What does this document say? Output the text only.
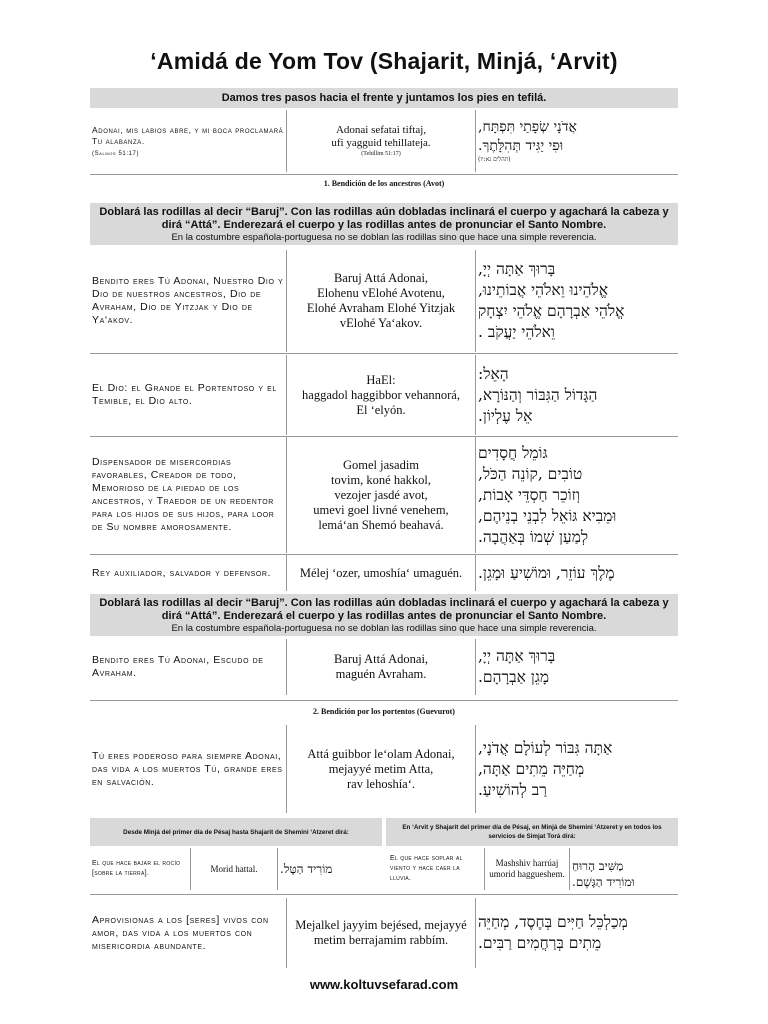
‘Amidá de Yom Tov (Shajarit, Minjá, ‘Arvit)
Damos tres pasos hacia el frente y juntamos los pies en tefilá.
Adonai, mis labios abre, y mi boca proclamará Tu alabanza.
(Salmos 51:17)
Adonai sefatai tiftaj,
ufi yagguid tehillateja.
(Tehillim 51:17)
אֲדֹנָי שְׂפָתַי תִּפְתָּח,
וּפִי יַגִּיד תְּהִלָּתֶךָ.
(תהלים נא:יז)
1. Bendición de los ancestros (Avot)
Doblará las rodillas al decir “Baruj”. Con las rodillas aún dobladas inclinará el cuerpo y agachará la cabeza y dirá “Attá”. Enderezará el cuerpo y las rodillas antes de pronunciar el Santo Nombre.
En la costumbre española-portuguesa no se doblan las rodillas sino que hace una simple reverencia.
Bendito eres Tú Adonai, Nuestro Dio y Dio de nuestros ancestros, Dio de Avraham, Dio de Yitzjak y Dio de Ya‘akov.
Baruj Attá Adonai,
Elohenu vElohé Avotenu,
Elohé Avraham Elohé Yitzjak
vElohé Ya‘akov.
בָּרוּךְ אַתָּה יְיָ,
אֱלֹהֵינוּ וֵאלֹהֵי אֲבוֹתֵינוּ,
אֱלֹהֵי אַבְרָהָם אֱלֹהֵי יִצְחָק
וֵאלֹהֵי יַעֲקֹב .
El Dio: el Grande el Portentoso y el Temible, el Dio alto.
HaEl:
haggadol haggibbor vehannorá,
El ‘elyón.
הָאֵל:
הַגָּדוֹל הַגִּבּוֹר וְהַנּוֹרָא,
אֵל עֶלְיוֹן.
Dispensador de misercordias favorables, Creador de todo, Memorioso de la piedad de los ancestros, y Traedor de un redentor para los hijos de sus hijos, para loor de Su nombre amorosamente.
Gomel jasadim
tovim, koné hakkol,
vezojer jasdé avot,
umevi goel livné venehem,
lemá‘an Shemó beahavá.
גּוֹמֵל חֲסָדִים
טוֹבִים ,קוֹנֵה הַכֹּל,
וְזוֹכֵר חַסְדֵּי אָבוֹת,
וּמֵבִיא גּוֹאֵל לִבְנֵי בְנֵיהֶם,
לְמַעַן שְׁמוֹ בְּאַהֲבָה.
Rey auxiliador, salvador y defensor. Mélej ‘ozer, umoshía‘ umaguén. מֶלֶךְ עוֹזֵר, וּמוֹשִׁיעַ וּמָגֵן.
Doblará las rodillas al decir “Baruj”. Con las rodillas aún dobladas inclinará el cuerpo y agachará la cabeza y dirá “Attá”. Enderezará el cuerpo y las rodillas antes de pronunciar el Santo Nombre.
En la costumbre española-portuguesa no se doblan las rodillas sino que hace una simple reverencia.
Bendito eres Tú Adonai, Escudo de Avraham.
Baruj Attá Adonai,
maguén Avraham.
בָּרוּךְ אַתָּה יְיָ,
מָגֵן אַבְרָהָם.
2. Bendición por los portentos (Guevurot)
Tú eres poderoso para siempre Adonai, das vida a los muertos Tú, grande eres en salvación.
Attá guibbor le‘olam Adonai,
mejayyé metim Atta,
rav lehoshía‘.
אַתָּה גִּבּוֹר לְעוֹלָם אֲדֹנָי,
מְחַיֵּה מֵתִים אַתָּה,
רַב לְהוֹשִׁיעַ.
Desde Minjá del primer día de Pésaj hasta Shajarit de Shemini ‘Atzeret dirá:
En ‘Arvit y Shajarit del primer día de Pésaj, en Minjá de Shemini ‘Atzeret y en todos los servicios de Simjat Torá dirá:
El que hace bajar el rocío [sobre la tierra].	Morid hattal. מוֹרִיד הַטָּל.
El que hace soplar al viento y hace caer la lluvia.
Mashshiv harrúaj
umorid haggueshem.
מַשִּׁיב הָרוּחַ
וּמוֹרִיד הַגָּשֶׁם.
Aprovisionas a los [seres] vivos con amor, das vida a los muertos con misericordia abundante.
Mejalkel jayyim bejésed, mejayyé
metim berrajamim rabbím.
מְכַלְכֵּל חַיִּים בְּחֶסֶד, מְחַיֵּה
מֵתִים בְּרַחֲמִים רַבִּים.
www.koltuvsefarad.com
